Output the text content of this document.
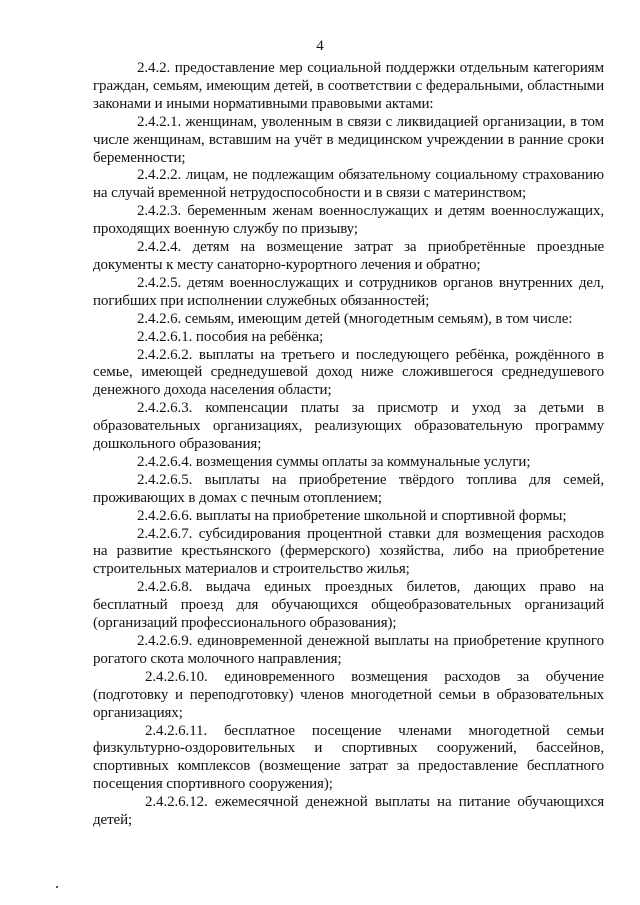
4

2.4.2. предоставление мер социальной поддержки отдельным категориям граждан, семьям, имеющим детей, в соответствии с федеральными, областными законами и иными нормативными правовыми актами:

2.4.2.1. женщинам, уволенным в связи с ликвидацией организации, в том числе женщинам, вставшим на учёт в медицинском учреждении в ранние сроки беременности;

2.4.2.2. лицам, не подлежащим обязательному социальному страхованию на случай временной нетрудоспособности и в связи с материнством;

2.4.2.3. беременным женам военнослужащих и детям военнослужащих, проходящих военную службу по призыву;

2.4.2.4. детям на возмещение затрат за приобретённые проездные документы к месту санаторно-курортного лечения и обратно;

2.4.2.5. детям военнослужащих и сотрудников органов внутренних дел, погибших при исполнении служебных обязанностей;

2.4.2.6. семьям, имеющим детей (многодетным семьям), в том числе:

2.4.2.6.1. пособия на ребёнка;

2.4.2.6.2. выплаты на третьего и последующего ребёнка, рождённого в семье, имеющей среднедушевой доход ниже сложившегося среднедушевого денежного дохода населения области;

2.4.2.6.3. компенсации платы за присмотр и уход за детьми в образовательных организациях, реализующих образовательную программу дошкольного образования;

2.4.2.6.4. возмещения суммы оплаты за коммунальные услуги;

2.4.2.6.5. выплаты на приобретение твёрдого топлива для семей, проживающих в домах с печным отоплением;

2.4.2.6.6. выплаты на приобретение школьной и спортивной формы;

2.4.2.6.7. субсидирования процентной ставки для возмещения расходов на развитие крестьянского (фермерского) хозяйства, либо на приобретение строительных материалов и строительство жилья;

2.4.2.6.8. выдача единых проездных билетов, дающих право на бесплатный проезд для обучающихся общеобразовательных организаций (организаций профессионального образования);

2.4.2.6.9. единовременной денежной выплаты на приобретение крупного рогатого скота молочного направления;

2.4.2.6.10. единовременного возмещения расходов за обучение (подготовку и переподготовку) членов многодетной семьи в образовательных организациях;

2.4.2.6.11. бесплатное посещение членами многодетной семьи физкультурно-оздоровительных и спортивных сооружений, бассейнов, спортивных комплексов (возмещение затрат за предоставление бесплатного посещения спортивного сооружения);

2.4.2.6.12. ежемесячной денежной выплаты на питание обучающихся детей;
